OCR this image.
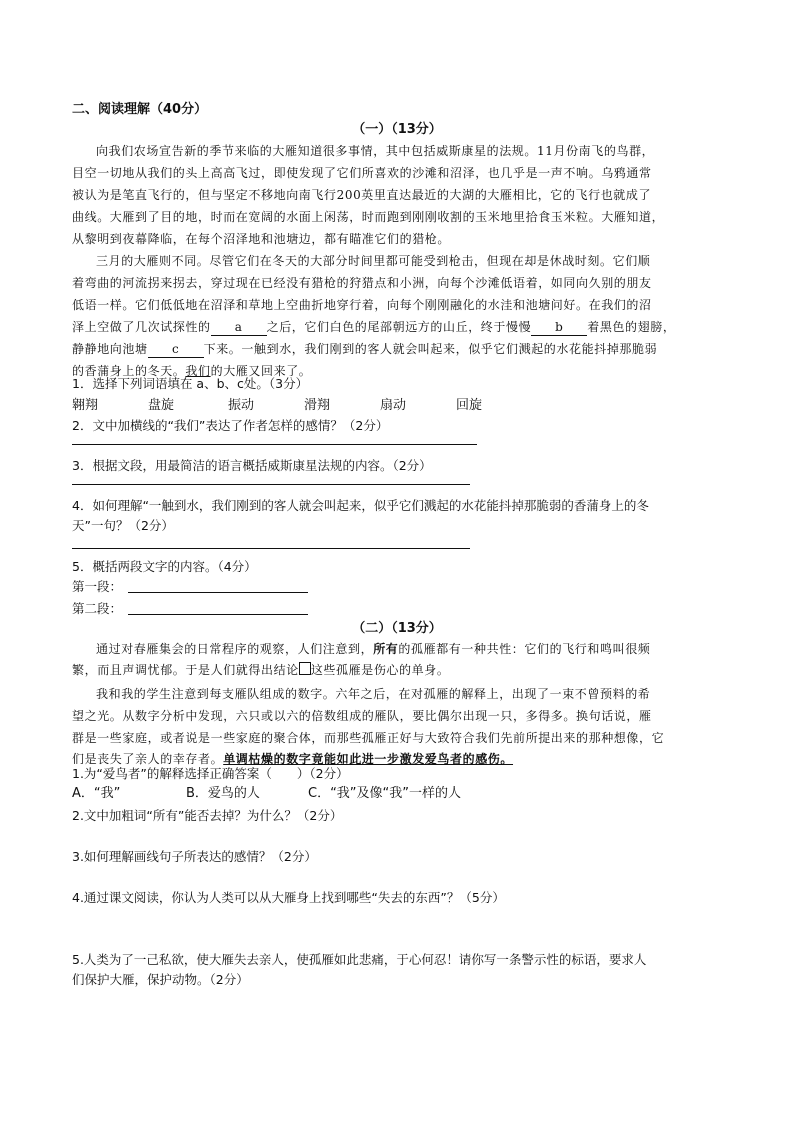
二、阅读理解（40分）
（一）（13分）
向我们农场宣告新的季节来临的大雁知道很多事情，其中包括威斯康星的法规。11月份南飞的鸟群，
目空一切地从我们的头上高高飞过，即使发现了它们所喜欢的沙滩和沼泽，也几乎是一声不响。乌鸦通常
被认为是笔直飞行的，但与坚定不移地向南飞行200英里直达最近的大湖的大雁相比，它的飞行也就成了
曲线。大雁到了目的地，时而在宽阔的水面上闲荡，时而跑到刚刚收割的玉米地里拾食玉米粒。大雁知道，
从黎明到夜幕降临，在每个沼泽地和池塘边，都有瞄准它们的猎枪。
三月的大雁则不同。尽管它们在冬天的大部分时间里都可能受到枪击，但现在却是休战时刻。它们顺
着弯曲的河流拐来拐去，穿过现在已经没有猎枪的狩猎点和小洲，向每个沙滩低语着，如同向久别的朋友
低语一样。它们低低地在沼泽和草地上空曲折地穿行着，向每个刚刚融化的水洼和池塘问好。在我们的沼
泽上空做了几次试探性的 a 之后，它们白色的尾部朝远方的山丘，终于慢慢 b 着黑色的翅膀，
静静地向池塘 c 下来。一触到水，我们刚到的客人就会叫起来，似乎它们溅起的水花能抖掉那脆弱
的香蒲身上的冬天。我们的大雁又回来了。
1．选择下列词语填在 a、b、c处。（3分）
翱翔	盘旋	振动	滑翔	扇动	回旋
2．文中加横线的“我们”表达了作者怎样的感情？（2分）
3．根据文段，用最简洁的语言概括威斯康星法规的内容。（2分）
4．如何理解“一触到水，我们刚到的客人就会叫起来，似乎它们溅起的水花能抖掉那脆弱的香蒲身上的冬
天”一句？（2分）
5．概括两段文字的内容。（4分）
第一段：
第二段：
（二）（13分）
通过对春雁集会的日常程序的观察，人们注意到，所有的孤雁都有一种共性：它们的飞行和鸣叫很频
繁，而且声调忧郁。于是人们就得出结论 这些孤雁是伤心的单身。
我和我的学生注意到每支雁队组成的数字。六年之后，在对孤雁的解释上，出现了一束不曾预料的希
望之光。从数字分析中发现，六只或以六的倍数组成的雁队，要比偶尔出现一只，多得多。换句话说，雁
群是一些家庭，或者说是一些家庭的聚合体，而那些孤雁正好与大致符合我们先前所提出来的那种想像，它
们是丧失了亲人的幸存者。单调枯燥的数字竟能如此进一步激发爱鸟者的感伤。
1.为“爱鸟者”的解释选择正确答案（　　）（2分）
A．“我”	B．爱鸟的人	C．“我”及像“我”一样的人
2.文中加粗词“所有”能否去掉？为什么？（2分）
3.如何理解画线句子所表达的感情？（2分）
4.通过课文阅读，你认为人类可以从大雁身上找到哪些“失去的东西”？（5分）
5.人类为了一己私欲，使大雁失去亲人，使孤雁如此悲痛，于心何忍！请你写一条警示性的标语，要求人
们保护大雁，保护动物。（2分）
